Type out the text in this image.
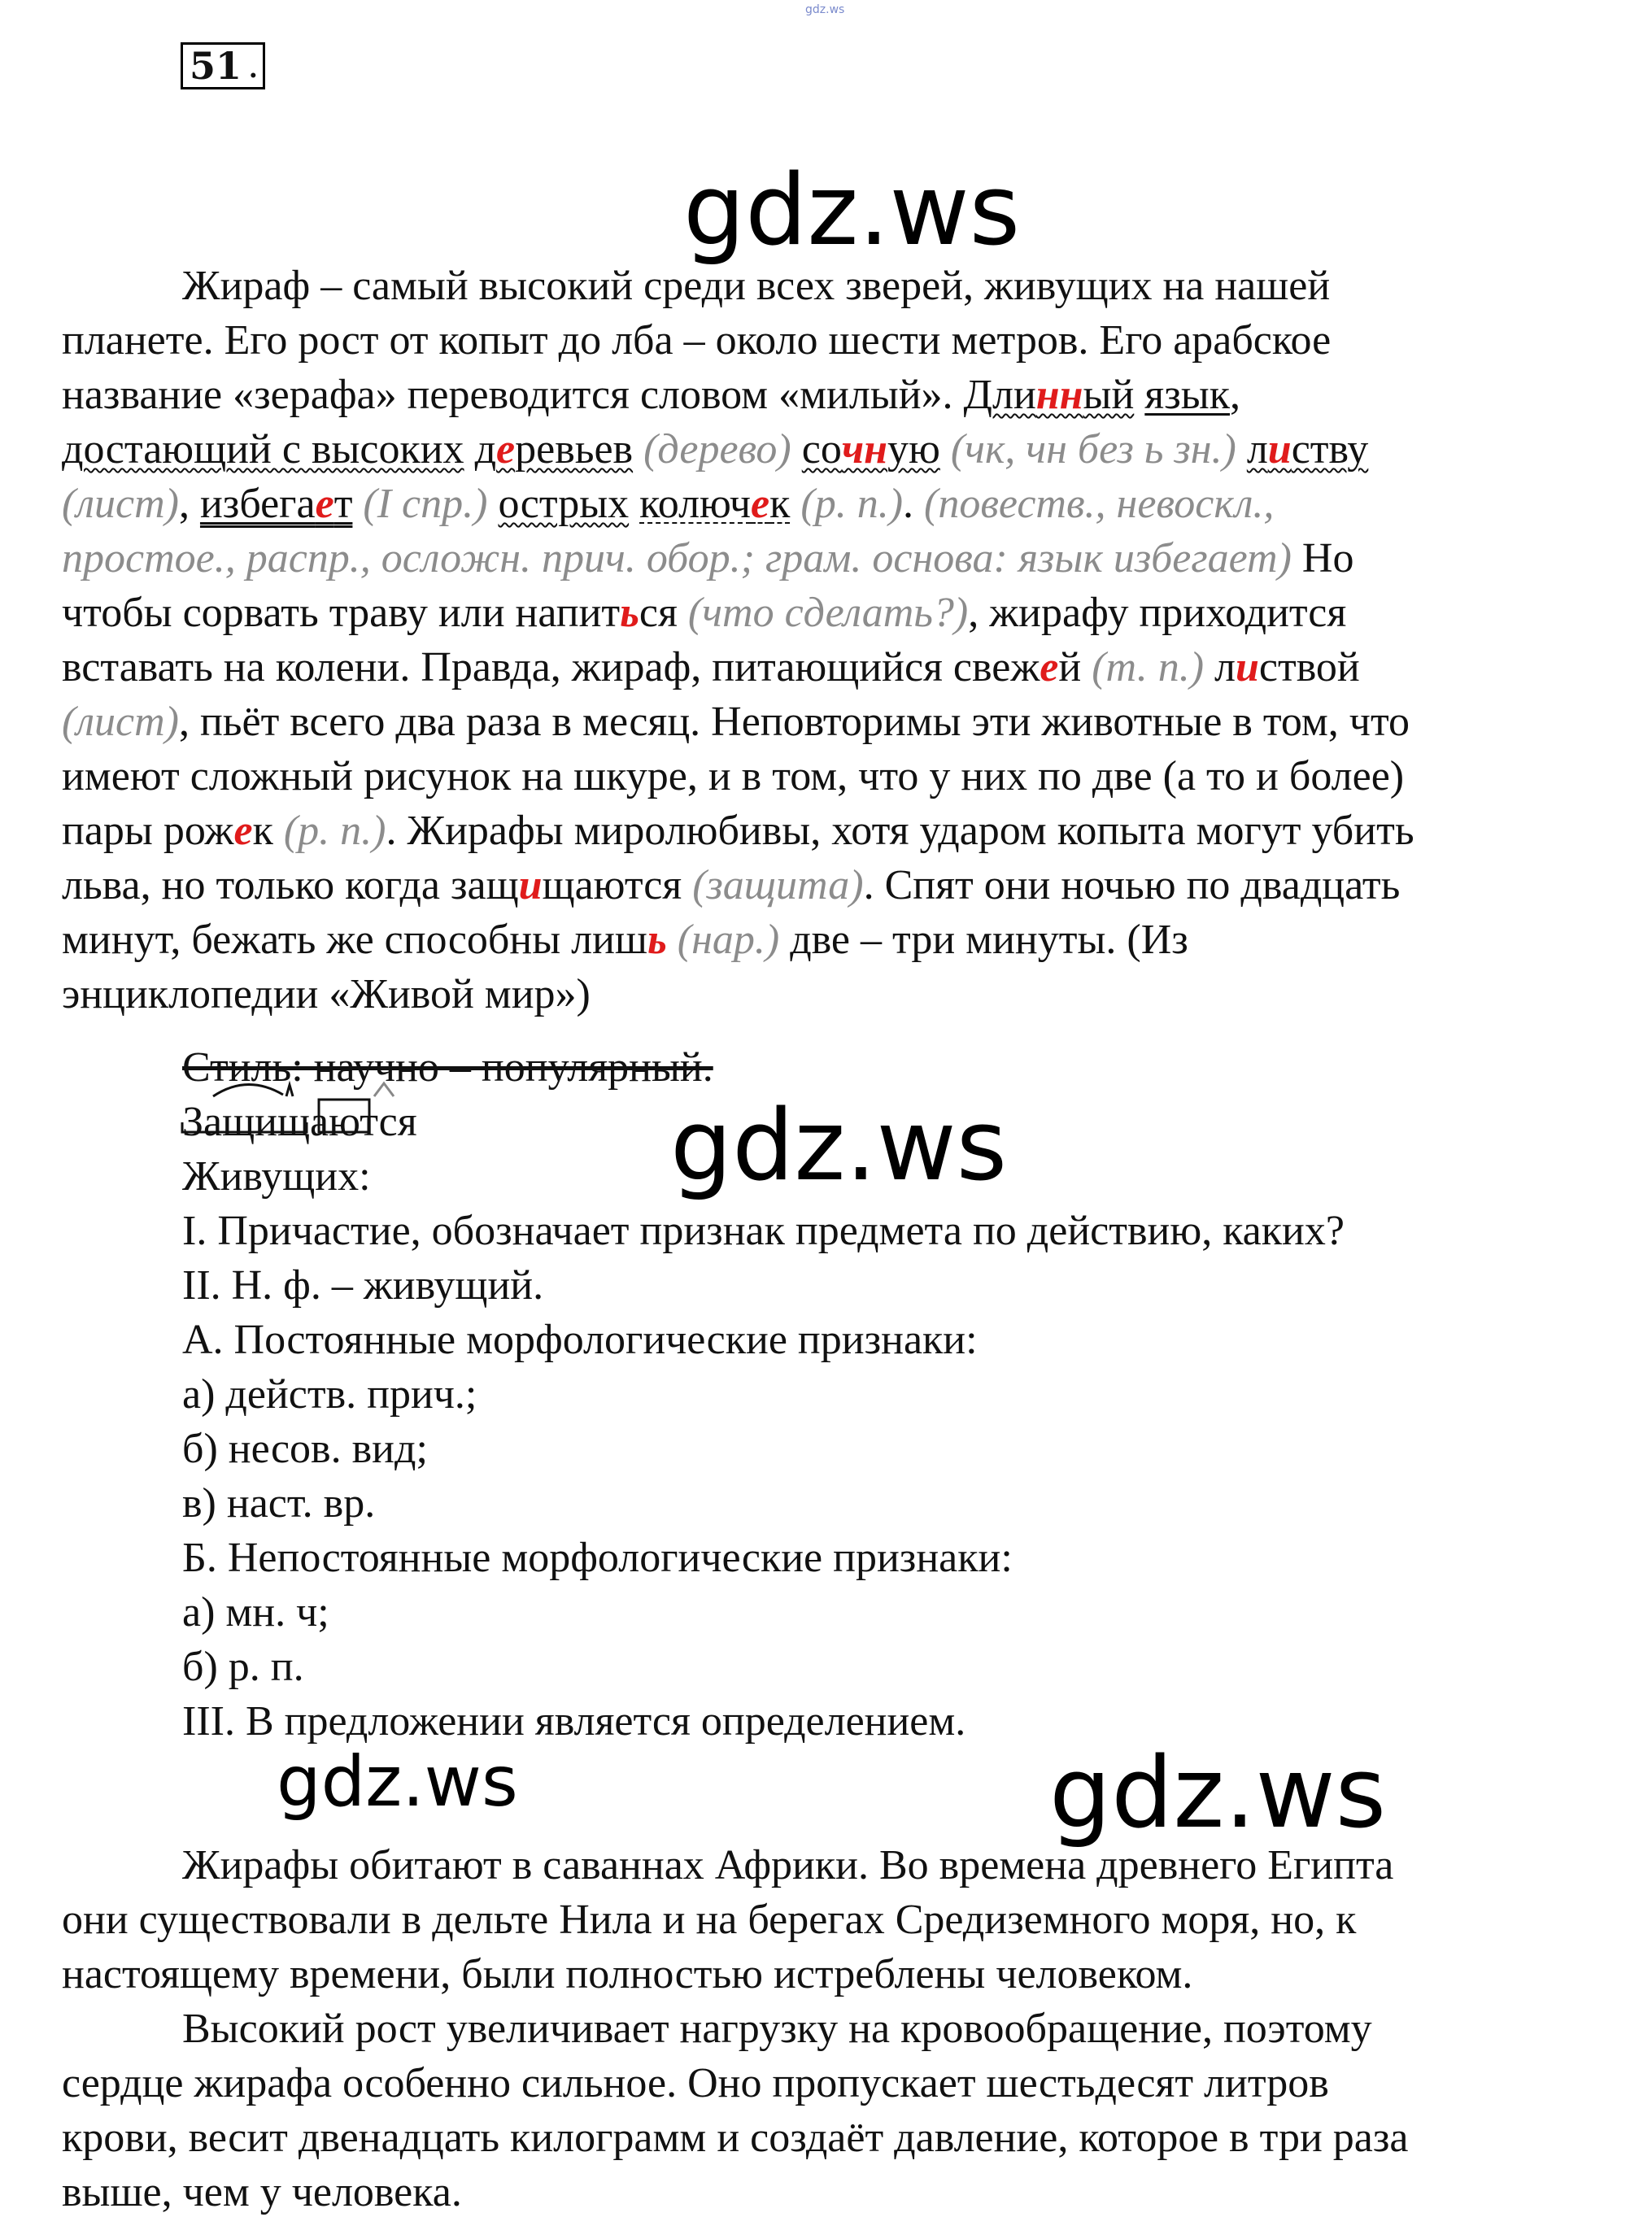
gdz.ws
51 .
gdz.ws
gdz.ws
gdz.ws	gdz.ws
Жираф – самый высокий среди всех зверей, живущих на нашей
планете. Его рост от копыт до лба – около шести метров. Его арабское
название «зерафа» переводится словом «милый». Длинный язык,
достающий с высоких деревьев (дерево) сочную (чк, чн без ь зн.) листву
(лист), избегает (I спр.) острых колючек (р. п.). (повеств., невоскл.,
простое., распр., осложн. прич. обор.; грам. основа: язык избегает) Но
чтобы сорвать траву или напиться (что сделать?), жирафу приходится
вставать на колени. Правда, жираф, питающийся свежей (т. п.) листвой
(лист), пьёт всего два раза в месяц. Неповторимы эти животные в том, что
имеют сложный рисунок на шкуре, и в том, что у них по две (а то и более)
пары рожек (р. п.). Жирафы миролюбивы, хотя ударом копыта могут убить
льва, но только когда защищаются (защита). Спят они ночью по двадцать
минут, бежать же способны лишь (нар.) две – три минуты. (Из
энциклопедии «Живой мир»)
Стиль: научно – популярный.
Защищаются
Живущих:
I. Причастие, обозначает признак предмета по действию, каких?
II. Н. ф. – живущий.
А. Постоянные морфологические признаки:
а) действ. прич.;
б) несов. вид;
в) наст. вр.
Б. Непостоянные морфологические признаки:
а) мн. ч;
б) р. п.
III. В предложении является определением.
Жирафы обитают в саваннах Африки. Во времена древнего Египта
они существовали в дельте Нила и на берегах Средиземного моря, но, к
настоящему времени, были полностью истреблены человеком.
Высокий рост увеличивает нагрузку на кровообращение, поэтому
сердце жирафа особенно сильное. Оно пропускает шестьдесят литров
крови, весит двенадцать килограмм и создаёт давление, которое в три раза
выше, чем у человека.
